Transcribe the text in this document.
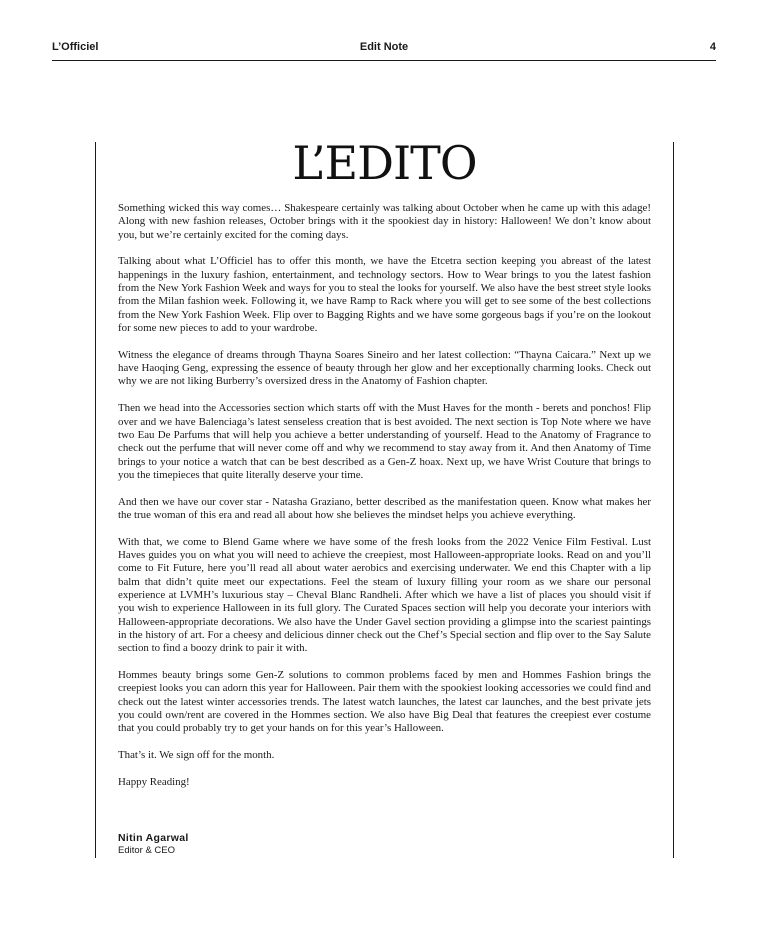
L’Officiel	Edit Note	4
L’EDITO

Something wicked this way comes… Shakespeare certainly was talking about October when he came up with this adage! Along with new fashion releases, October brings with it the spookiest day in history: Halloween! We don’t know about you, but we’re certainly excited for the coming days.

Talking about what L’Officiel has to offer this month, we have the Etcetra section keeping you abreast of the latest happenings in the luxury fashion, entertainment, and technology sectors. How to Wear brings to you the latest fashion from the New York Fashion Week and ways for you to steal the looks for yourself. We also have the best street style looks from the Milan fashion week. Following it, we have Ramp to Rack where you will get to see some of the best collections from the New York Fashion Week. Flip over to Bagging Rights and we have some gorgeous bags if you’re on the lookout for some new pieces to add to your wardrobe.

Witness the elegance of dreams through Thayna Soares Sineiro and her latest collection: “Thayna Caicara.” Next up we have Haoqing Geng, expressing the essence of beauty through her glow and her exceptionally charming looks. Check out why we are not liking Burberry’s oversized dress in the Anatomy of Fashion chapter.

Then we head into the Accessories section which starts off with the Must Haves for the month - berets and ponchos! Flip over and we have Balenciaga’s latest senseless creation that is best avoided. The next section is Top Note where we have two Eau De Parfums that will help you achieve a better understanding of yourself. Head to the Anatomy of Fragrance to check out the perfume that will never come off and why we recommend to stay away from it. And then Anatomy of Time brings to your notice a watch that can be best described as a Gen-Z hoax. Next up, we have Wrist Couture that brings to you the timepieces that quite literally deserve your time.

And then we have our cover star - Natasha Graziano, better described as the manifestation queen. Know what makes her the true woman of this era and read all about how she believes the mindset helps you achieve everything.

With that, we come to Blend Game where we have some of the fresh looks from the 2022 Venice Film Festival. Lust Haves guides you on what you will need to achieve the creepiest, most Halloween-appropriate looks. Read on and you’ll come to Fit Future, here you’ll read all about water aerobics and exercising underwater. We end this Chapter with a lip balm that didn’t quite meet our expectations. Feel the steam of luxury filling your room as we share our personal experience at LVMH’s luxurious stay – Cheval Blanc Randheli. After which we have a list of places you should visit if you wish to experience Halloween in its full glory. The Curated Spaces section will help you decorate your interiors with Halloween-appropriate decorations. We also have the Under Gavel section providing a glimpse into the scariest paintings in the history of art. For a cheesy and delicious dinner check out the Chef’s Special section and flip over to the Say Salute section to find a boozy drink to pair it with.

Hommes beauty brings some Gen-Z solutions to common problems faced by men and Hommes Fashion brings the creepiest looks you can adorn this year for Halloween. Pair them with the spookiest looking accessories we could find and check out the latest winter accessories trends. The latest watch launches, the latest car launches, and the best private jets you could own/rent are covered in the Hommes section. We also have Big Deal that features the creepiest ever costume that you could probably try to get your hands on for this year’s Halloween.

That’s it. We sign off for the month.

Happy Reading!

Nitin Agarwal
Editor & CEO
